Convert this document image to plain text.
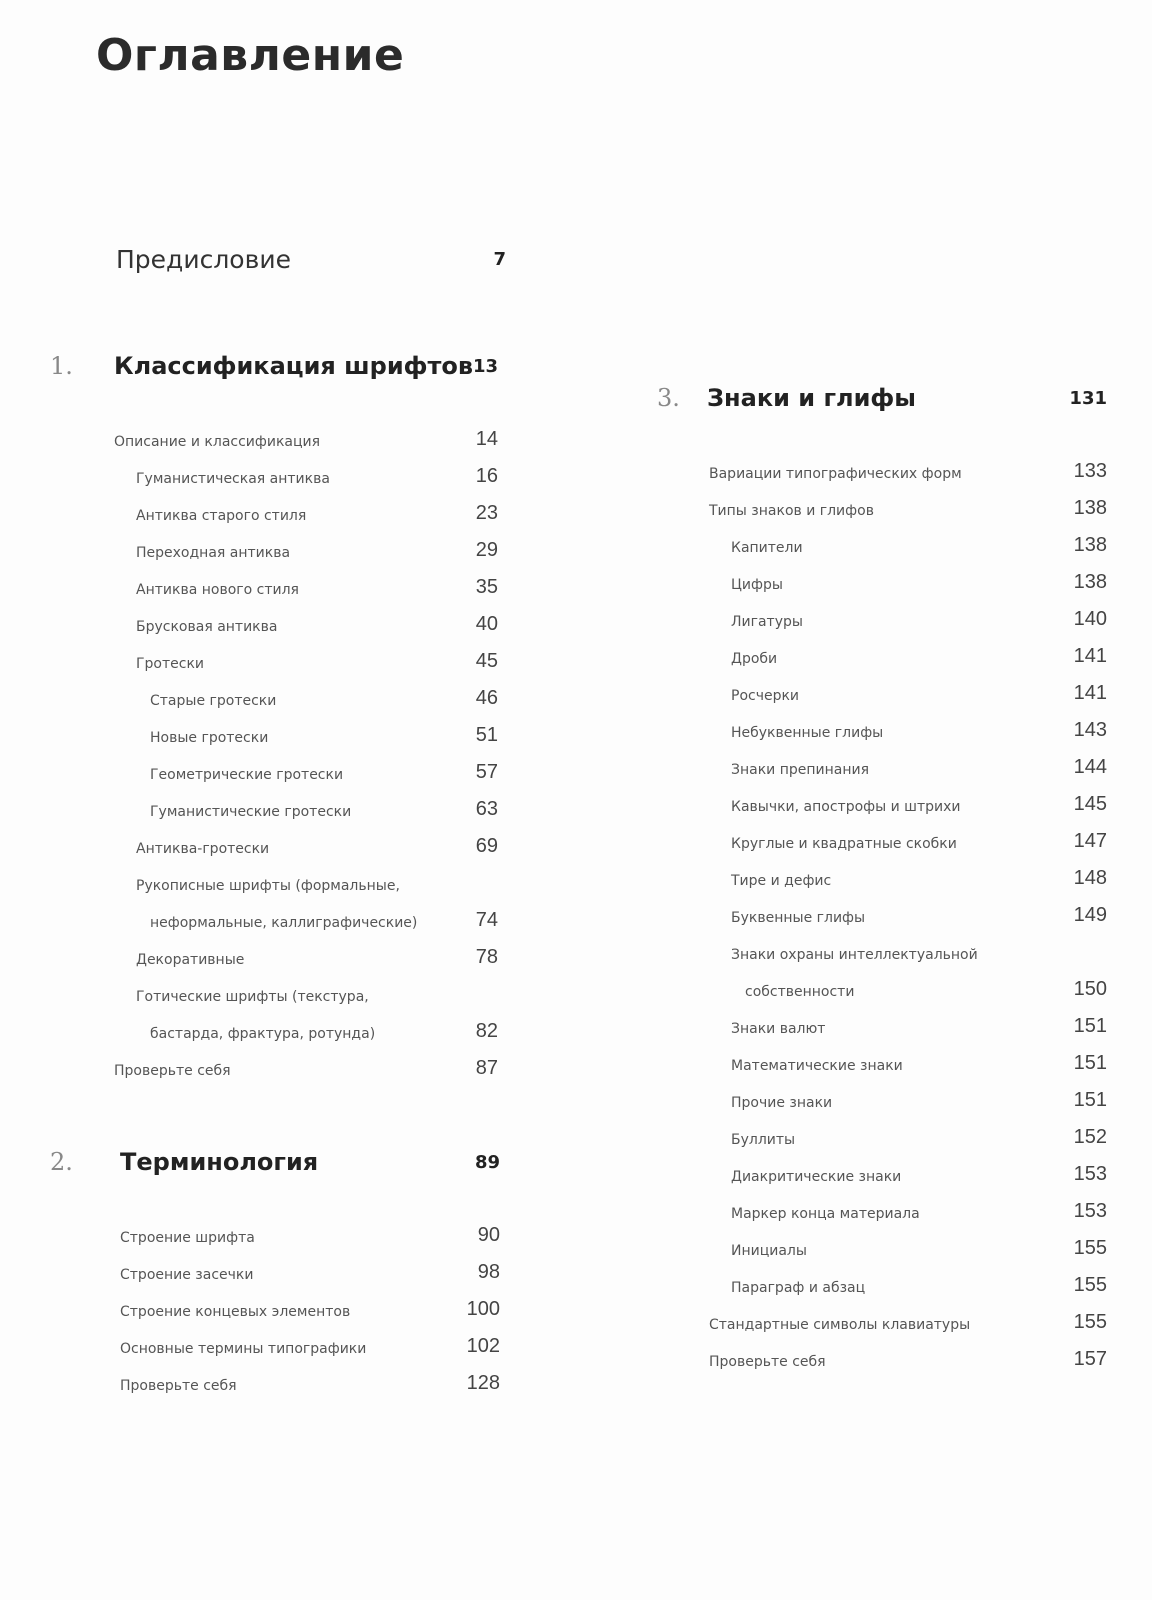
Оглавление
Предисловие	7
1. Классификация шрифтов 13
Описание и классификация	14
Гуманистическая антиква	16
Антиква старого стиля	23
Переходная антиква	29
Антиква нового стиля	35
Брусковая антиква	40
Гротески	45
Старые гротески	46
Новые гротески	51
Геометрические гротески	57
Гуманистические гротески	63
Антиква-гротески	69
Рукописные шрифты (формальные,
неформальные, каллиграфические)	74
Декоративные	78
Готические шрифты (текстура,
бастарда, фрактура, ротунда)	82
Проверьте себя	87
2. Терминология	89
Строение шрифта	90
Строение засечки	98
Строение концевых элементов	100
Основные термины типографики	102
Проверьте себя	128
3. Знаки и глифы	131
Вариации типографических форм	133
Типы знаков и глифов	138
Капители	138
Цифры	138
Лигатуры	140
Дроби	141
Росчерки	141
Небуквенные глифы	143
Знаки препинания	144
Кавычки, апострофы и штрихи	145
Круглые и квадратные скобки	147
Тире и дефис	148
Буквенные глифы	149
Знаки охраны интеллектуальной
собственности	150
Знаки валют	151
Математические знаки	151
Прочие знаки	151
Буллиты	152
Диакритические знаки	153
Маркер конца материала	153
Инициалы	155
Параграф и абзац	155
Стандартные символы клавиатуры	155
Проверьте себя	157
